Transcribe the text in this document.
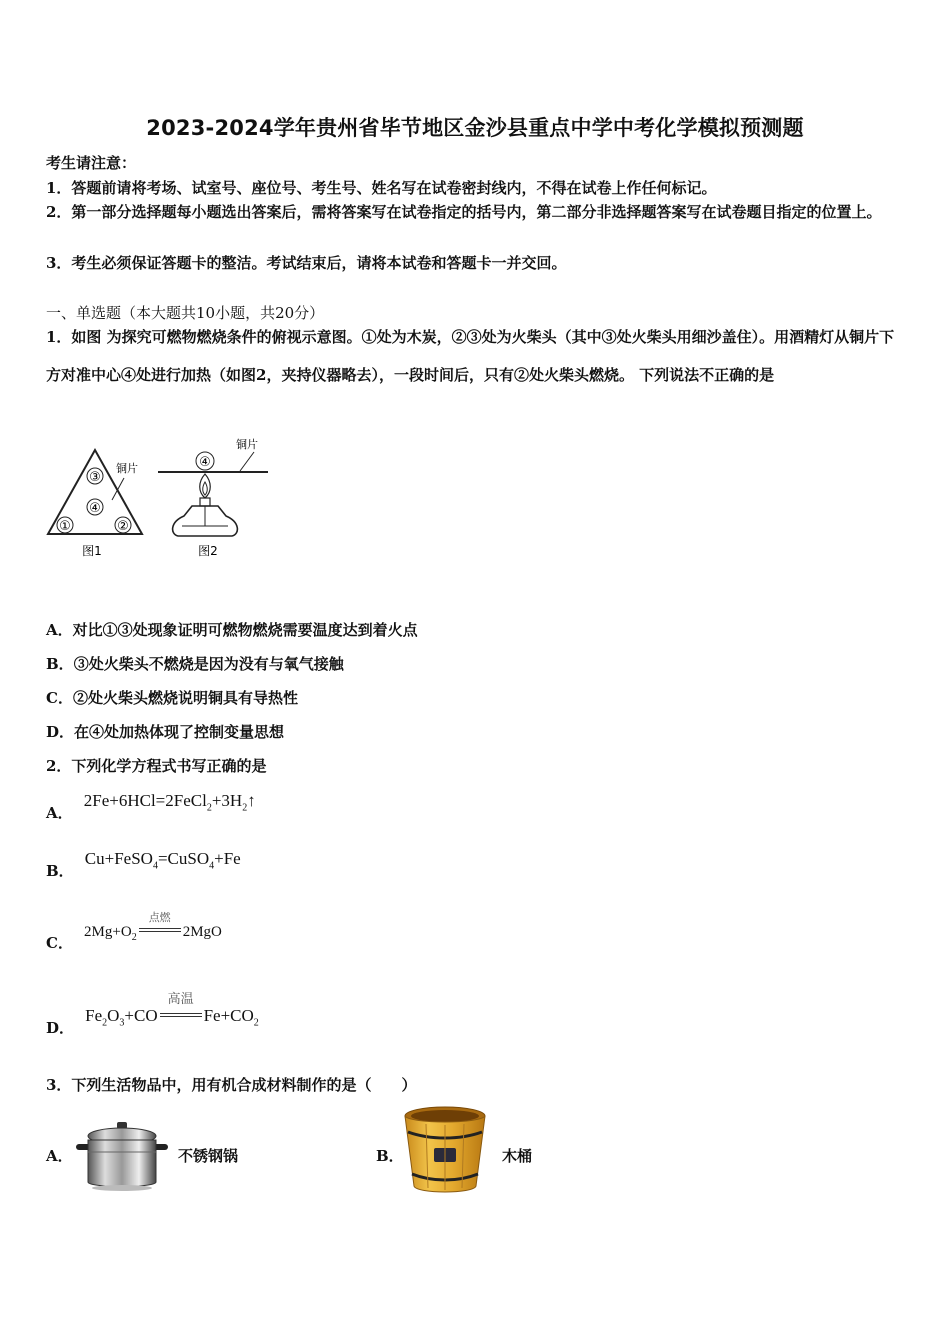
2023-2024学年贵州省毕节地区金沙县重点中学中考化学模拟预测题
考生请注意：
1．答题前请将考场、试室号、座位号、考生号、姓名写在试卷密封线内，不得在试卷上作任何标记。
2．第一部分选择题每小题选出答案后，需将答案写在试卷指定的括号内，第二部分非选择题答案写在试卷题目指定的位置上。
3．考生必须保证答题卡的整洁。考试结束后，请将本试卷和答题卡一并交回。
一、单选题（本大题共10小题，共20分）
1．如图 为探究可燃物燃烧条件的俯视示意图。①处为木炭，②③处为火柴头（其中③处火柴头用细沙盖住）。用酒精灯从铜片下方对准中心④处进行加热（如图2，夹持仪器略去），一段时间后，只有②处火柴头燃烧。 下列说法不正确的是
③
④
①	②
铜片
图1
④
铜片
图2
A．对比①③处现象证明可燃物燃烧需要温度达到着火点
B．③处火柴头不燃烧是因为没有与氧气接触
C．②处火柴头燃烧说明铜具有导热性
D．在④处加热体现了控制变量思想
2．下列化学方程式书写正确的是
A． $2Fe+6HCl=2FeCl_2+3H_2↑$
B． Cu+FeSO$_4$=CuSO$_4$+Fe
C． $2Mg+O_2$
点燃
2MgO
D． $Fe_2O_3+CO$
高温
$Fe+CO_2$
3．下列生活物品中，用有机合成材料制作的是（　　）
A．	不锈钢锅	B．	木桶
